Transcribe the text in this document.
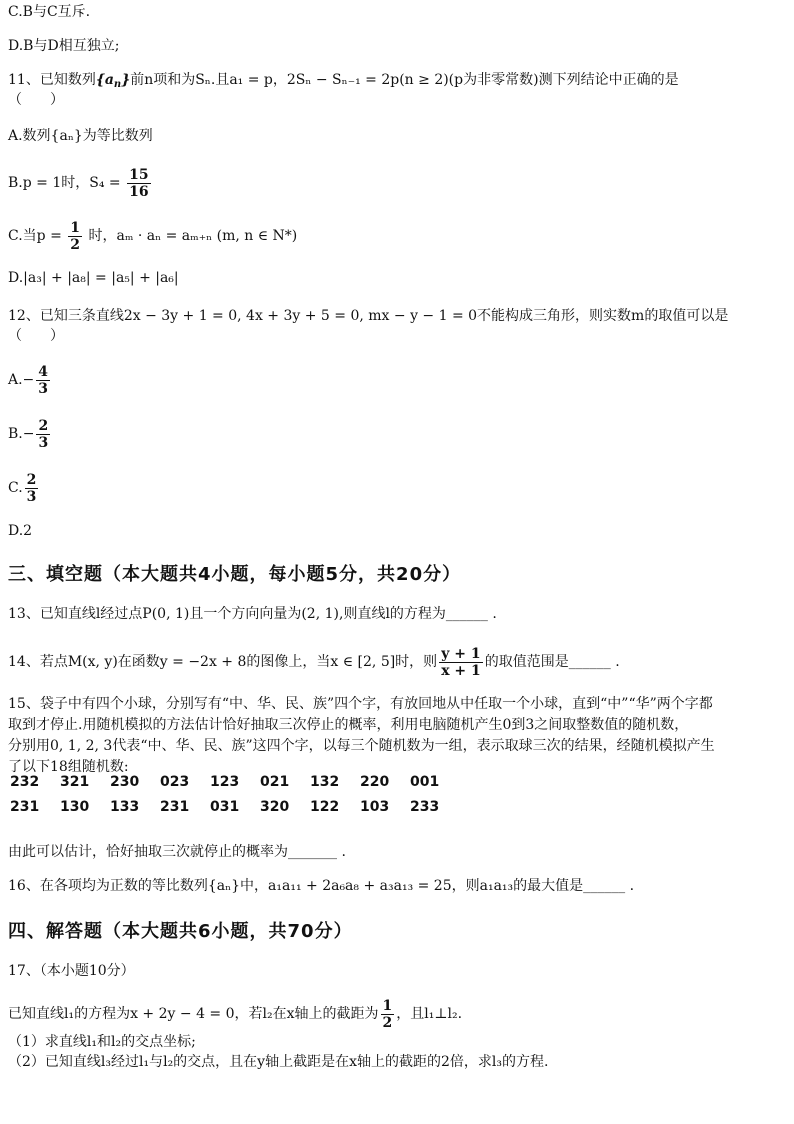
C.B与C互斥.
D.B与D相互独立;
11、已知数列$\{a_n\}$前n项和为Sₙ.且a₁ = p，2Sₙ − Sₙ₋₁ = 2p(n ≥ 2)(p为非零常数)测下列结论中正确的是
（　　）
A.数列{aₙ}为等比数列
B.p = 1时，$S_4 = \frac{15}{16}$
C.当$p = \frac{1}{2}$ 时，aₘ · aₙ = aₘ₊ₙ (m, n ∈ N*)
D.|a₃| + |a₈| = |a₅| + |a₆|
12、已知三条直线2x − 3y + 1 = 0, 4x + 3y + 5 = 0, mx − y − 1 = 0不能构成三角形，则实数m的取值可以是
（　　）
$A.- \frac{4}{3}$
$B.- \frac{2}{3}$
C. $\frac{2}{3}$
D.2
三、填空题（本大题共4小题，每小题5分，共20分）
13、已知直线l经过点P(0, 1)且一个方向向量为(2, 1),则直线l的方程为______ .
14、若点M(x, y)在函数y = −2x + 8的图像上，当x ∈ [2, 5]时，则 $\frac{y + 1}{x + 1}$ 的取值范围是______ .
15、袋子中有四个小球，分别写有“中、华、民、族”四个字，有放回地从中任取一个小球，直到“中”“华”两个字都
取到才停止.用随机模拟的方法估计恰好抽取三次停止的概率，利用电脑随机产生0到3之间取整数值的随机数，
分别用0, 1, 2, 3代表“中、华、民、族”这四个字，以每三个随机数为一组，表示取球三次的结果，经随机模拟产生
了以下18组随机数:
232 321 230 023 123 021 132 220 001
231 130 133 231 031 320 122 103 233
由此可以估计，恰好抽取三次就停止的概率为_______ .
16、在各项均为正数的等比数列{aₙ}中，a₁a₁₁ + 2a₆a₈ + a₃a₁₃ = 25，则a₁a₁₃的最大值是______ .
四、解答题（本大题共6小题，共70分）
17、（本小题10分）
已知直线l₁的方程为x + 2y − 4 = 0，若l₂在x轴上的截距为 $\frac{1}{2}$ ，且l₁⊥l₂.
（1）求直线l₁和l₂的交点坐标;
（2）已知直线l₃经过l₁与l₂的交点，且在y轴上截距是在x轴上的截距的2倍，求l₃的方程.
